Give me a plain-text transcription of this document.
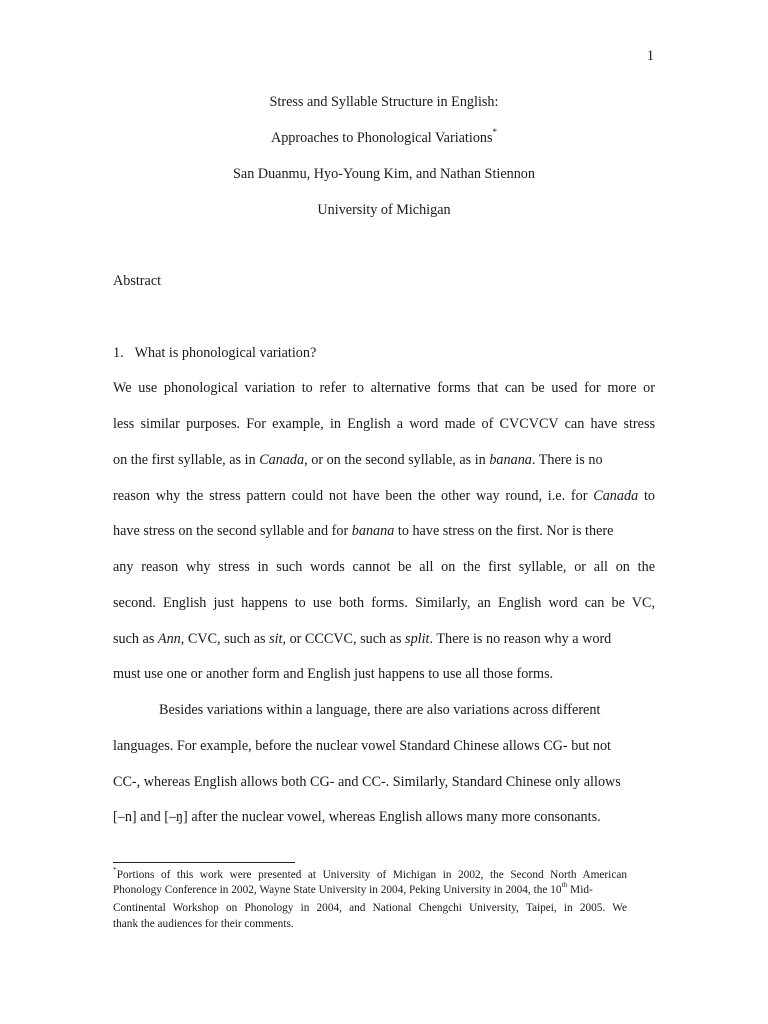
1
Stress and Syllable Structure in English:
Approaches to Phonological Variations*
San Duanmu, Hyo-Young Kim, and Nathan Stiennon
University of Michigan
Abstract
1. What is phonological variation?
We use phonological variation to refer to alternative forms that can be used for more or
less similar purposes. For example, in English a word made of CVCVCV can have stress
on the first syllable, as in Canada, or on the second syllable, as in banana. There is no
reason why the stress pattern could not have been the other way round, i.e. for Canada to
have stress on the second syllable and for banana to have stress on the first. Nor is there
any reason why stress in such words cannot be all on the first syllable, or all on the
second. English just happens to use both forms. Similarly, an English word can be VC,
such as Ann, CVC, such as sit, or CCCVC, such as split. There is no reason why a word
must use one or another form and English just happens to use all those forms.
Besides variations within a language, there are also variations across different
languages. For example, before the nuclear vowel Standard Chinese allows CG- but not
CC-, whereas English allows both CG- and CC-. Similarly, Standard Chinese only allows
[–n] and [–ŋ] after the nuclear vowel, whereas English allows many more consonants.
*Portions of this work were presented at University of Michigan in 2002, the Second North American
Phonology Conference in 2002, Wayne State University in 2004, Peking University in 2004, the 10th Mid-
Continental Workshop on Phonology in 2004, and National Chengchi University, Taipei, in 2005. We
thank the audiences for their comments.
